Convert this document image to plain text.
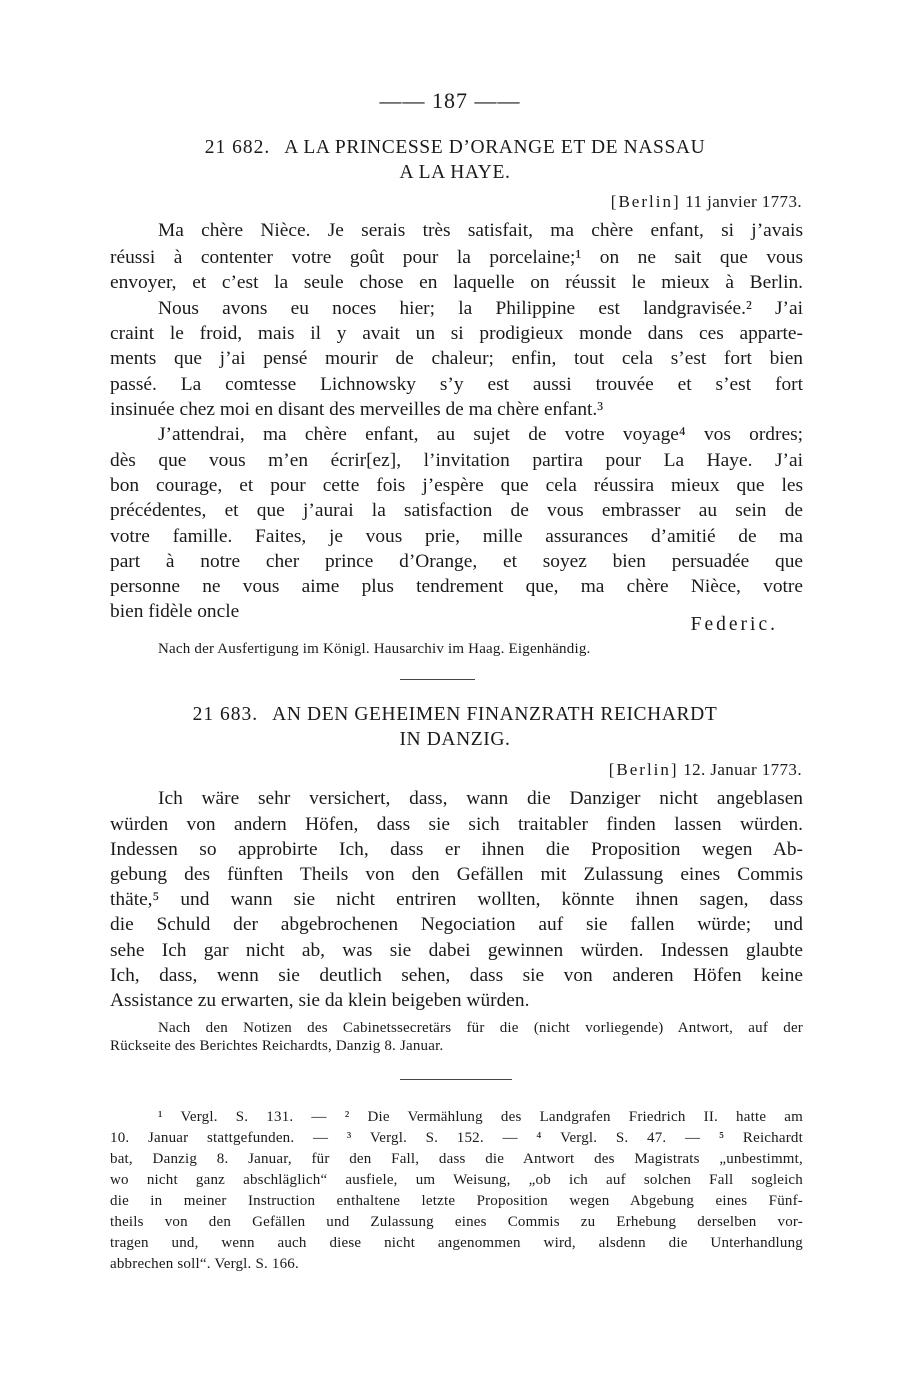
—— 187 ——
21 682. A LA PRINCESSE D’ORANGE ET DE NASSAU
A LA HAYE.
[Berlin] 11 janvier 1773.
Ma chère Nièce. Je serais très satisfait, ma chère enfant, si j’avais
réussi à contenter votre goût pour la porcelaine;¹ on ne sait que vous
envoyer, et c’est la seule chose en laquelle on réussit le mieux à Berlin.
Nous avons eu noces hier; la Philippine est landgravisée.² J’ai
craint le froid, mais il y avait un si prodigieux monde dans ces apparte-
ments que j’ai pensé mourir de chaleur; enfin, tout cela s’est fort bien
passé. La comtesse Lichnowsky s’y est aussi trouvée et s’est fort
insinuée chez moi en disant des merveilles de ma chère enfant.³
J’attendrai, ma chère enfant, au sujet de votre voyage⁴ vos ordres;
dès que vous m’en écrir[ez], l’invitation partira pour La Haye. J’ai
bon courage, et pour cette fois j’espère que cela réussira mieux que les
précédentes, et que j’aurai la satisfaction de vous embrasser au sein de
votre famille. Faites, je vous prie, mille assurances d’amitié de ma
part à notre cher prince d’Orange, et soyez bien persuadée que
personne ne vous aime plus tendrement que, ma chère Nièce, votre
bien fidèle oncle
Federic.
Nach der Ausfertigung im Königl. Hausarchiv im Haag. Eigenhändig.
21 683. AN DEN GEHEIMEN FINANZRATH REICHARDT
IN DANZIG.
[Berlin] 12. Januar 1773.
Ich wäre sehr versichert, dass, wann die Danziger nicht angeblasen
würden von andern Höfen, dass sie sich traitabler finden lassen würden.
Indessen so approbirte Ich, dass er ihnen die Proposition wegen Ab-
gebung des fünften Theils von den Gefällen mit Zulassung eines Commis
thäte,⁵ und wann sie nicht entriren wollten, könnte ihnen sagen, dass
die Schuld der abgebrochenen Negociation auf sie fallen würde; und
sehe Ich gar nicht ab, was sie dabei gewinnen würden. Indessen glaubte
Ich, dass, wenn sie deutlich sehen, dass sie von anderen Höfen keine
Assistance zu erwarten, sie da klein beigeben würden.
Nach den Notizen des Cabinetssecretärs für die (nicht vorliegende) Antwort, auf der
Rückseite des Berichtes Reichardts, Danzig 8. Januar.
¹ Vergl. S. 131. — ² Die Vermählung des Landgrafen Friedrich II. hatte am
10. Januar stattgefunden. — ³ Vergl. S. 152. — ⁴ Vergl. S. 47. — ⁵ Reichardt
bat, Danzig 8. Januar, für den Fall, dass die Antwort des Magistrats „unbestimmt,
wo nicht ganz abschläglich“ ausfiele, um Weisung, „ob ich auf solchen Fall sogleich
die in meiner Instruction enthaltene letzte Proposition wegen Abgebung eines Fünf-
theils von den Gefällen und Zulassung eines Commis zu Erhebung derselben vor-
tragen und, wenn auch diese nicht angenommen wird, alsdenn die Unterhandlung
abbrechen soll“. Vergl. S. 166.
